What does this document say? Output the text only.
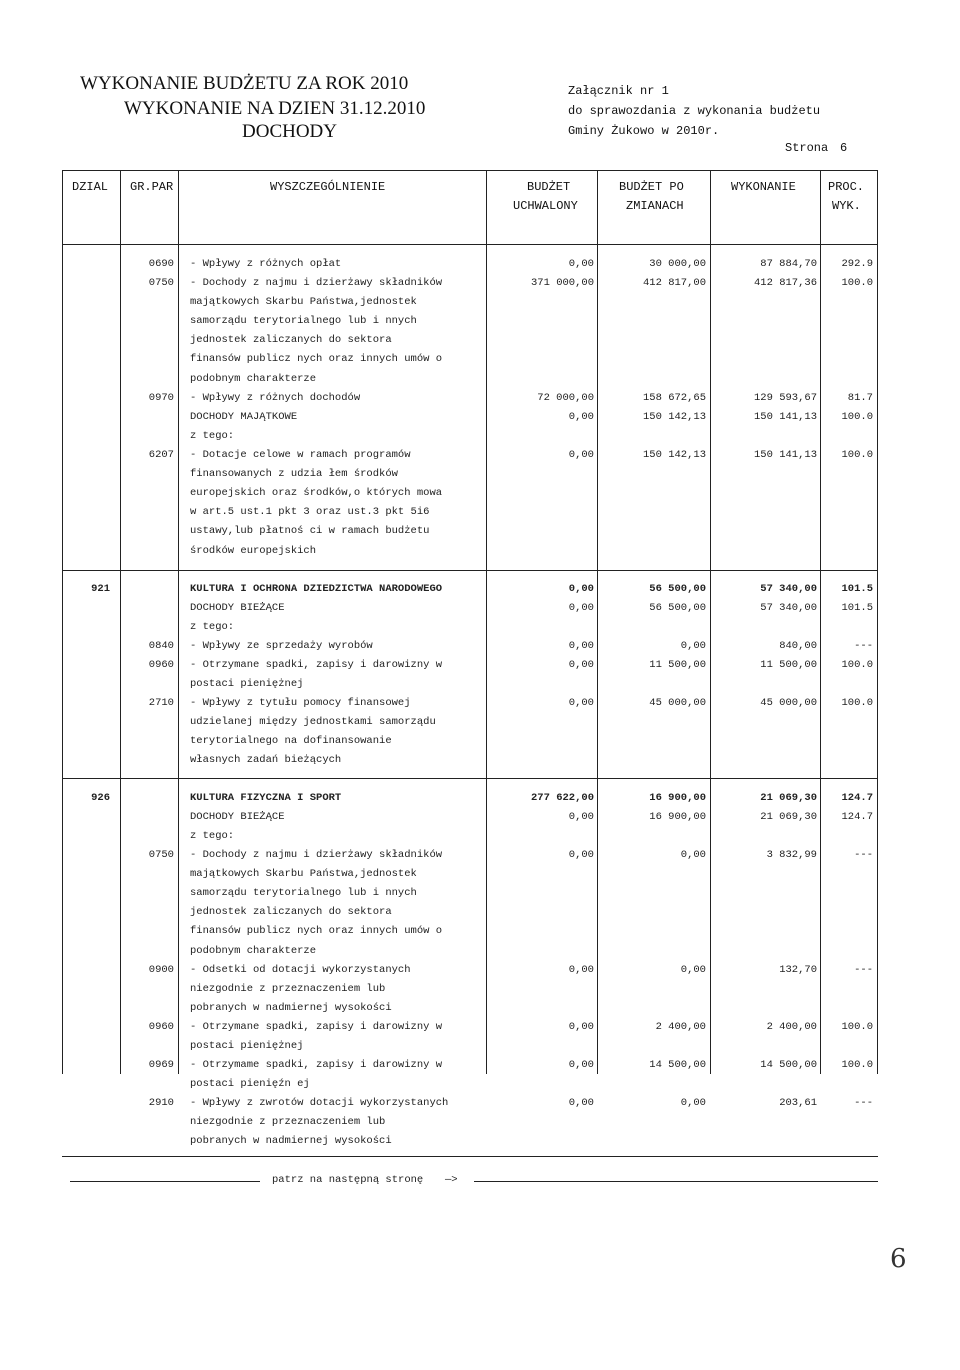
WYKONANIE BUDŻETU ZA ROK 2010
WYKONANIE NA DZIEN 31.12.2010
DOCHODY
Załącznik nr 1
do sprawozdania z wykonania budżetu
Gminy Żukowo w 2010r.
Strona 6
DZIAL GR.PAR	WYSZCZEGÓLNIENIE	BUDŻET
UCHWALONY
BUDŻET PO
ZMIANACH
WYKONANIE	PROC.
WYK.
0690 - Wpływy z różnych opłat	0,00	30 000,00	87 884,70	292.9
0750 - Dochody z najmu i dzierżawy składników
majątkowych Skarbu Państwa,jednostek
samorządu terytorialnego lub i nnych
jednostek zaliczanych do sektora
finansów publicz nych oraz innych umów o
podobnym charakterze
371 000,00	412 817,00	412 817,36	100.0
0970 - Wpływy z różnych dochodów	72 000,00	158 672,65	129 593,67	81.7
DOCHODY MAJĄTKOWE	0,00	150 142,13	150 141,13	100.0
z tego:
6207 - Dotacje celowe w ramach programów
finansowanych z udzia łem środków
europejskich oraz środków,o których mowa
w art.5 ust.1 pkt 3 oraz ust.3 pkt 5i6
ustawy,lub płatnoś ci w ramach budżetu
środków europejskich
0,00	150 142,13	150 141,13	100.0
921	KULTURA I OCHRONA DZIEDZICTWA NARODOWEGO	0,00	56 500,00	57 340,00	101.5
DOCHODY BIEŻĄCE	0,00	56 500,00	57 340,00	101.5
z tego:
0840 - Wpływy ze sprzedaży wyrobów	0,00	0,00	840,00	---
0960 - Otrzymane spadki, zapisy i darowizny w
postaci pieniężnej
0,00	11 500,00	11 500,00	100.0
2710 - Wpływy z tytułu pomocy finansowej
udzielanej między jednostkami samorządu
terytorialnego na dofinansowanie
własnych zadań bieżących
0,00	45 000,00	45 000,00	100.0
926	KULTURA FIZYCZNA I SPORT	277 622,00	16 900,00	21 069,30	124.7
DOCHODY BIEŻĄCE	0,00	16 900,00	21 069,30	124.7
z tego:
0750 - Dochody z najmu i dzierżawy składników
majątkowych Skarbu Państwa,jednostek
samorządu terytorialnego lub i nnych
jednostek zaliczanych do sektora
finansów publicz nych oraz innych umów o
podobnym charakterze
0,00	0,00	3 832,99	---
0900 - Odsetki od dotacji wykorzystanych
niezgodnie z przeznaczeniem lub
pobranych w nadmiernej wysokości
0,00	0,00	132,70	---
0960 - Otrzymane spadki, zapisy i darowizny w
postaci pieniężnej
0,00	2 400,00	2 400,00	100.0
0969 - Otrzymame spadki, zapisy i darowizny w
postaci pienięźn ej
0,00	14 500,00	14 500,00	100.0
2910 - Wpływy z zwrotów dotacji wykorzystanych
niezgodnie z przeznaczeniem lub
pobranych w nadmiernej wysokości
0,00	0,00	203,61	---
patrz na następną stronę —>
6
